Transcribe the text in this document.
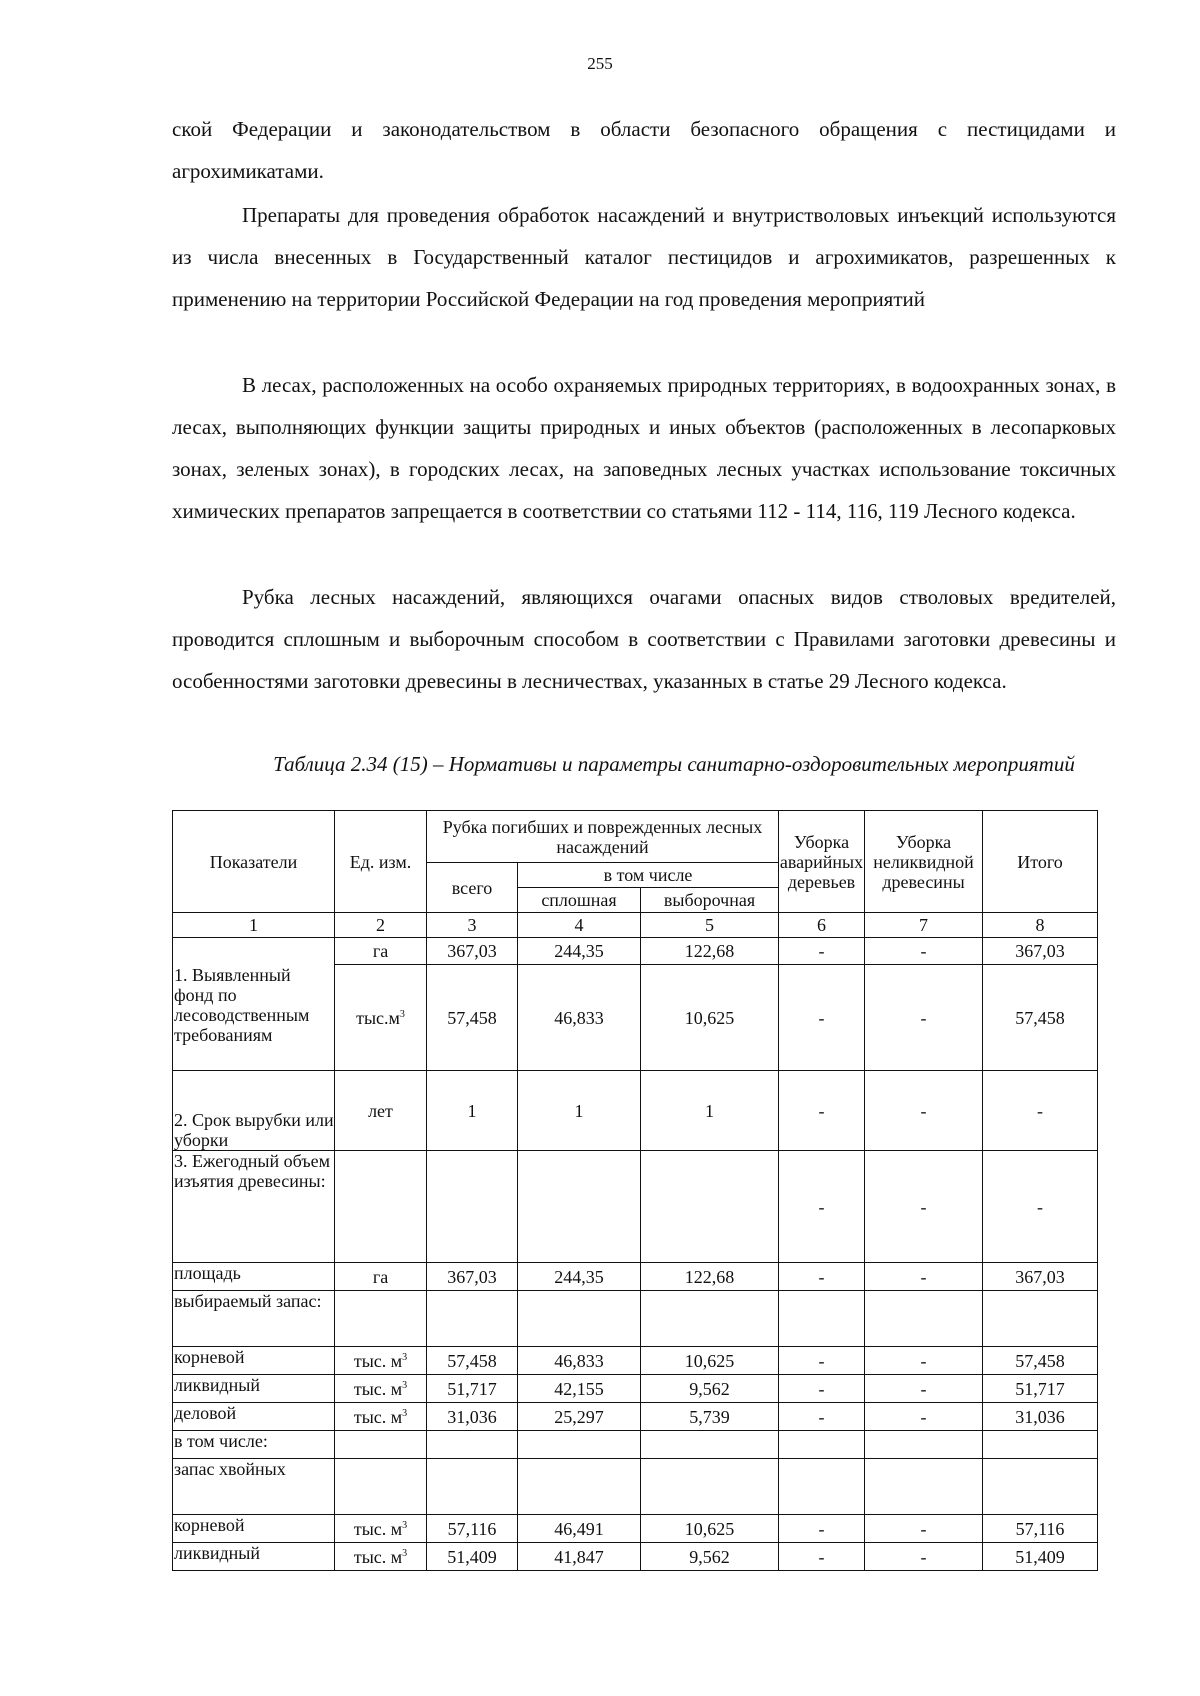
255
ской Федерации и законодательством в области безопасного обращения с пестицидами и агрохимикатами.
Препараты для проведения обработок насаждений и внутриствoловых инъекций используются из числа внесенных в Государственный каталог пестицидов и агрохимикатов, разрешенных к применению на территории Российской Федерации на год проведения мероприятий
В лесах, расположенных на особо охраняемых природных территориях, в водоохранных зонах, в лесах, выполняющих функции защиты природных и иных объектов (расположенных в лесопарковых зонах, зеленых зонах), в городских лесах, на заповедных лесных участках использование токсичных химических препаратов запрещается в соответствии со статьями 112 - 114, 116, 119 Лесного кодекса.
Рубка лесных насаждений, являющихся очагами опасных видов стволовых вредителей, проводится сплошным и выборочным способом в соответствии с Правилами заготовки древесины и особенностями заготовки древесины в лесничествах, указанных в статье 29 Лесного кодекса.
Таблица 2.34 (15) – Нормативы и параметры санитарно-оздоровительных мероприятий
Показатели	Ед. изм.	Рубка погибших и поврежденных лесных насаждений			Уборка аварийных деревьев	Уборка неликвидной древесины	Итого
		всего	в том числе				
			сплошная	выборочная			
1	2	3	4	5	6	7	8
	га	367,03	244,35	122,68	-	-	367,03
1. Выявленный фонд по лесоводственным требованиям	$тыс.м^3$	57,458	46,833	10,625	-	-	57,458
2. Срок вырубки или уборки	лет	1	1	1	-	-	-
3. Ежегодный объем изъятия древесины:					-	-	-
площадь	га	367,03	244,35	122,68	-	-	367,03
выбираемый запас:							
корневой	тыс. $м^3$	57,458	46,833	10,625	-	-	57,458
ликвидный	тыс. $м^3$	51,717	42,155	9,562	-	-	51,717
деловой	тыс. $м^3$	31,036	25,297	5,739	-	-	31,036
в том числе:							
запас хвойных							
корневой	тыс. $м^3$	57,116	46,491	10,625	-	-	57,116
ликвидный	тыс. $м^3$	51,409	41,847	9,562	-	-	51,409
